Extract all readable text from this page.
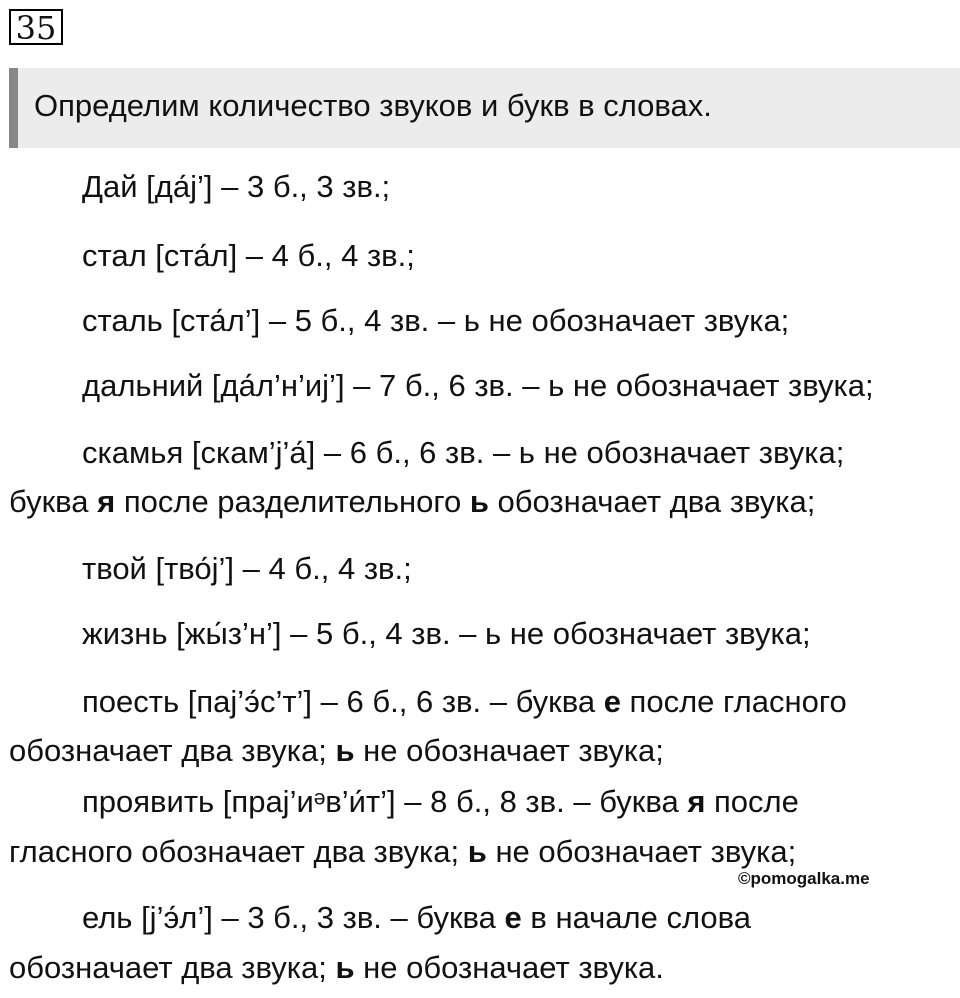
35
Определим количество звуков и букв в словах.
Дай [да́j’] – 3 б., 3 зв.;
стал [ста́л] – 4 б., 4 зв.;
сталь [ста́л’] – 5 б., 4 зв. – ь не обозначает звука;
дальний [да́л’н’иj’] – 7 б., 6 зв. – ь не обозначает звука;
скамья [скам’j’а́] – 6 б., 6 зв. – ь не обозначает звука;
буква я после разделительного ь обозначает два звука;
твой [тво́j’] – 4 б., 4 зв.;
жизнь [жы́з’н’] – 5 б., 4 зв. – ь не обозначает звука;
поесть [паj’э́с’т’] – 6 б., 6 зв. – буква е после гласного
обозначает два звука; ь не обозначает звука;
проявить [праj’иᵊв’и́т’] – 8 б., 8 зв. – буква я после
гласного обозначает два звука; ь не обозначает звука;
©pomogalka.me
ель [j’э́л’] – 3 б., 3 зв. – буква е в начале слова
обозначает два звука; ь не обозначает звука.
